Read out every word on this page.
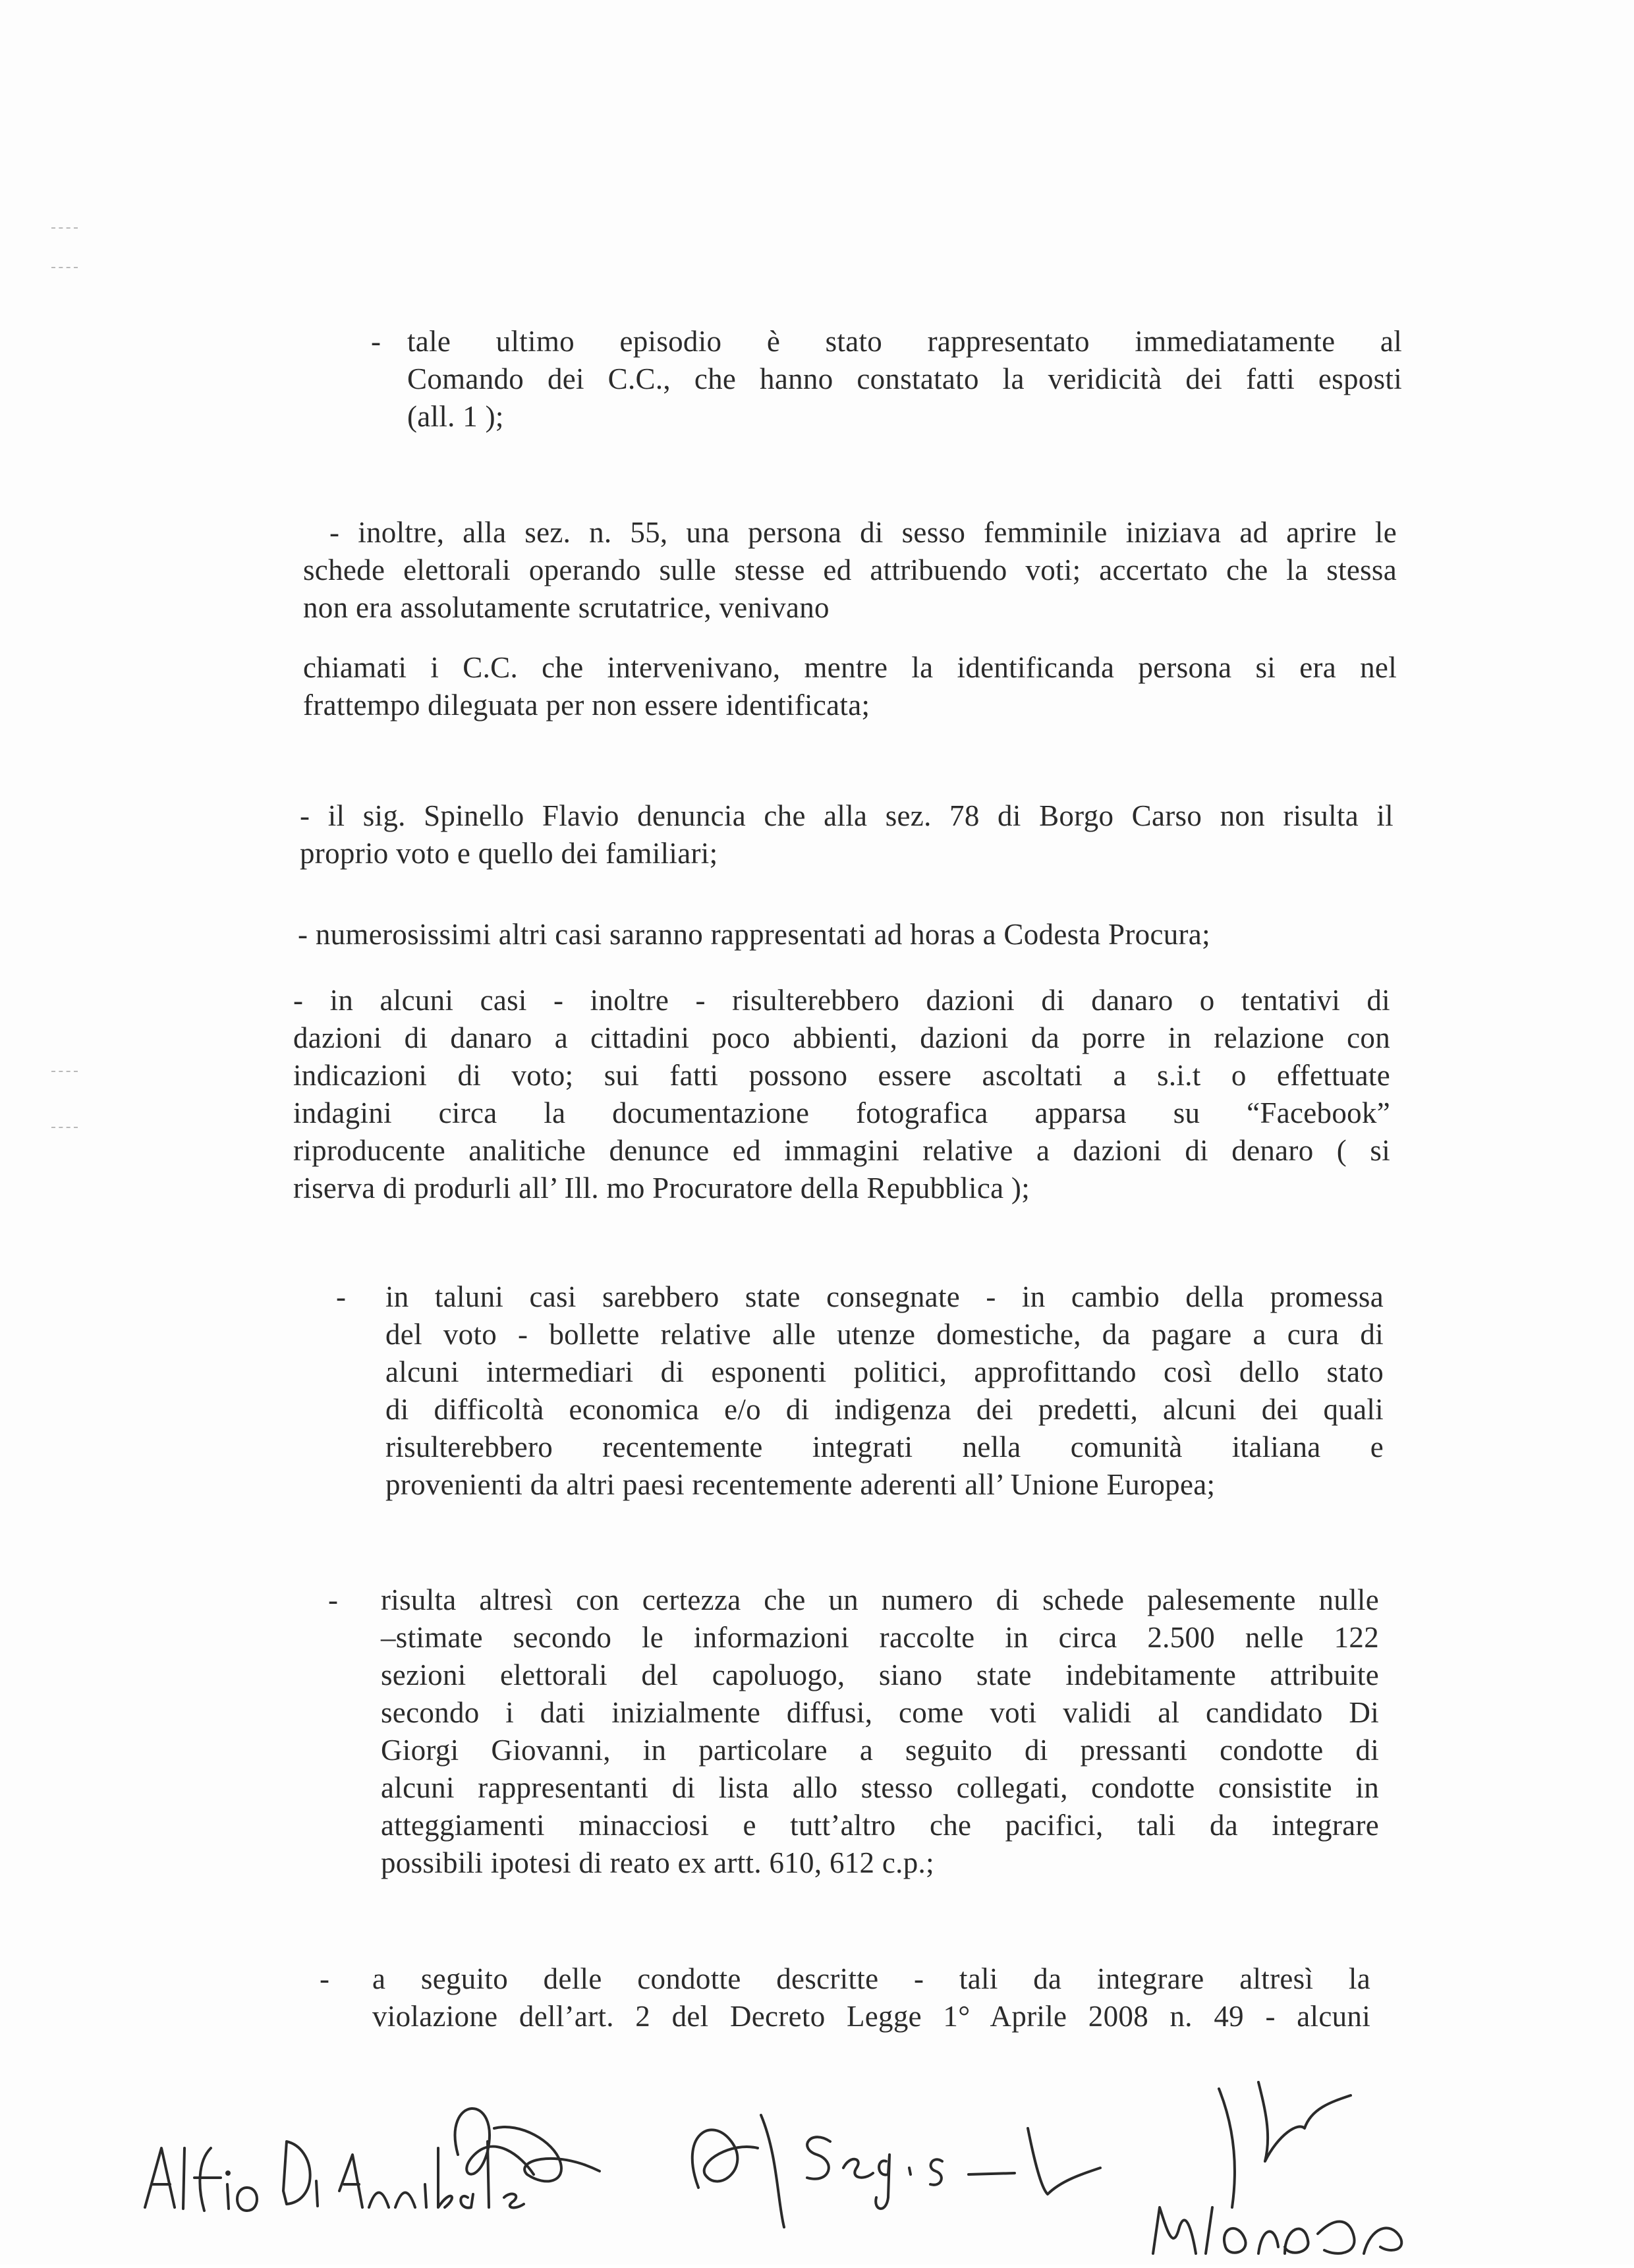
- tale ultimo episodio è stato rappresentato immediatamente al
Comando dei C.C., che hanno constatato la veridicità dei fatti esposti
(all. 1 );
- inoltre, alla sez. n. 55, una persona di sesso femminile iniziava ad aprire le
schede elettorali operando sulle stesse ed attribuendo voti; accertato che la stessa
non era assolutamente scrutatrice, venivano
chiamati i C.C. che intervenivano, mentre la identificanda persona si era nel
frattempo dileguata per non essere identificata;
- il sig. Spinello Flavio denuncia che alla sez. 78 di Borgo Carso non risulta il
proprio voto e quello dei familiari;
- numerosissimi altri casi saranno rappresentati ad horas a Codesta Procura;
- in alcuni casi - inoltre - risulterebbero dazioni di danaro o tentativi di
dazioni di danaro a cittadini poco abbienti, dazioni da porre in relazione con
indicazioni di voto; sui fatti possono essere ascoltati a s.i.t o effettuate
indagini circa la documentazione fotografica apparsa su “Facebook”
riproducente analitiche denunce ed immagini relative a dazioni di denaro ( si
riserva di produrli all’ Ill. mo Procuratore della Repubblica );
- in taluni casi sarebbero state consegnate - in cambio della promessa
del voto - bollette relative alle utenze domestiche, da pagare a cura di
alcuni intermediari di esponenti politici, approfittando così dello stato
di difficoltà economica e/o di indigenza dei predetti, alcuni dei quali
risulterebbero recentemente integrati nella comunità italiana e
provenienti da altri paesi recentemente aderenti all’ Unione Europea;
- risulta altresì con certezza che un numero di schede palesemente nulle
–stimate secondo le informazioni raccolte in circa 2.500 nelle 122
sezioni elettorali del capoluogo, siano state indebitamente attribuite
secondo i dati inizialmente diffusi, come voti validi al candidato Di
Giorgi Giovanni, in particolare a seguito di pressanti condotte di
alcuni rappresentanti di lista allo stesso collegati, condotte consistite in
atteggiamenti minacciosi e tutt’altro che pacifici, tali da integrare
possibili ipotesi di reato ex artt. 610, 612 c.p.;
- a seguito delle condotte descritte - tali da integrare altresì la
violazione dell’art. 2 del Decreto Legge 1° Aprile 2008 n. 49 - alcuni
